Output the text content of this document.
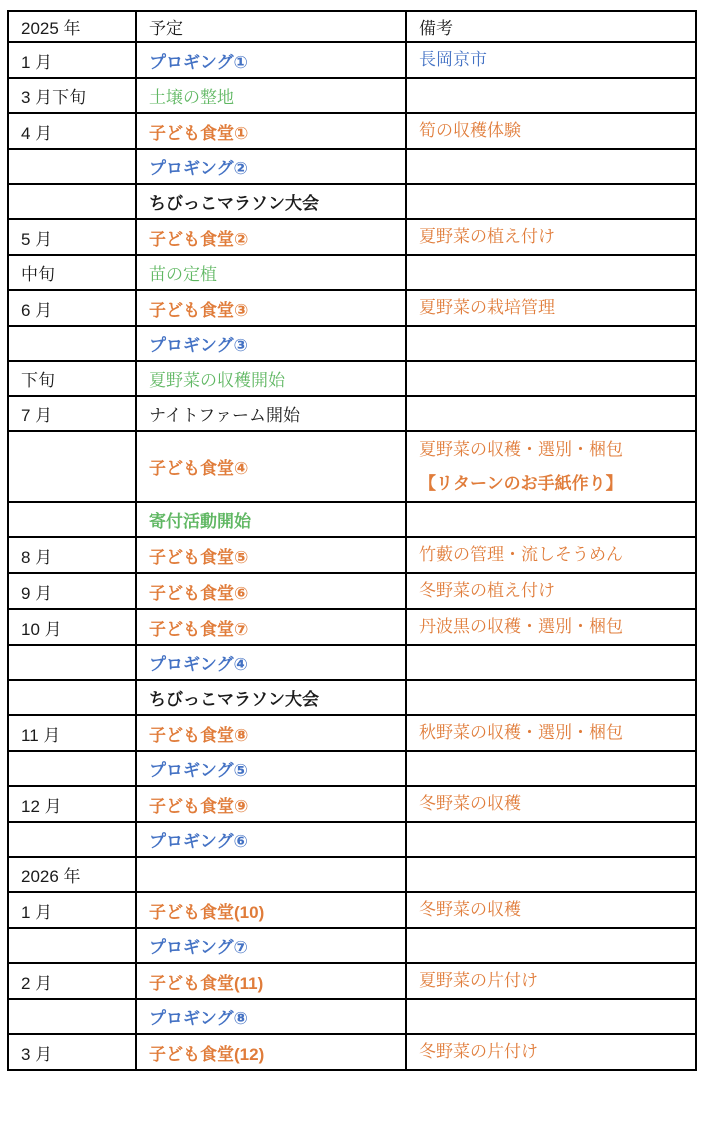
2025 年	予定	備考
1 月	プロギング①	長岡京市

3 月下旬	土壌の整地	
4 月	子ども食堂①	筍の収穫体験

	プロギング②	
	ちびっこマラソン大会	
5 月	子ども食堂②	夏野菜の植え付け

中旬	苗の定植	
6 月	子ども食堂③	夏野菜の栽培管理

	プロギング③	
下旬	夏野菜の収穫開始	
7 月	ナイトファーム開始	
	子ども食堂④	夏野菜の収穫・選別・梱包
【リターンのお手紙作り】

	寄付活動開始	
8 月	子ども食堂⑤	竹藪の管理・流しそうめん

9 月	子ども食堂⑥	冬野菜の植え付け

10 月	子ども食堂⑦	丹波黒の収穫・選別・梱包

	プロギング④	
	ちびっこマラソン大会	
11 月	子ども食堂⑧	秋野菜の収穫・選別・梱包

	プロギング⑤	
12 月	子ども食堂⑨	冬野菜の収穫

	プロギング⑥	
2026 年		
1 月	子ども食堂(10)	冬野菜の収穫

	プロギング⑦	
2 月	子ども食堂(11)	夏野菜の片付け

	プロギング⑧	
3 月	子ども食堂(12)	冬野菜の片付け
